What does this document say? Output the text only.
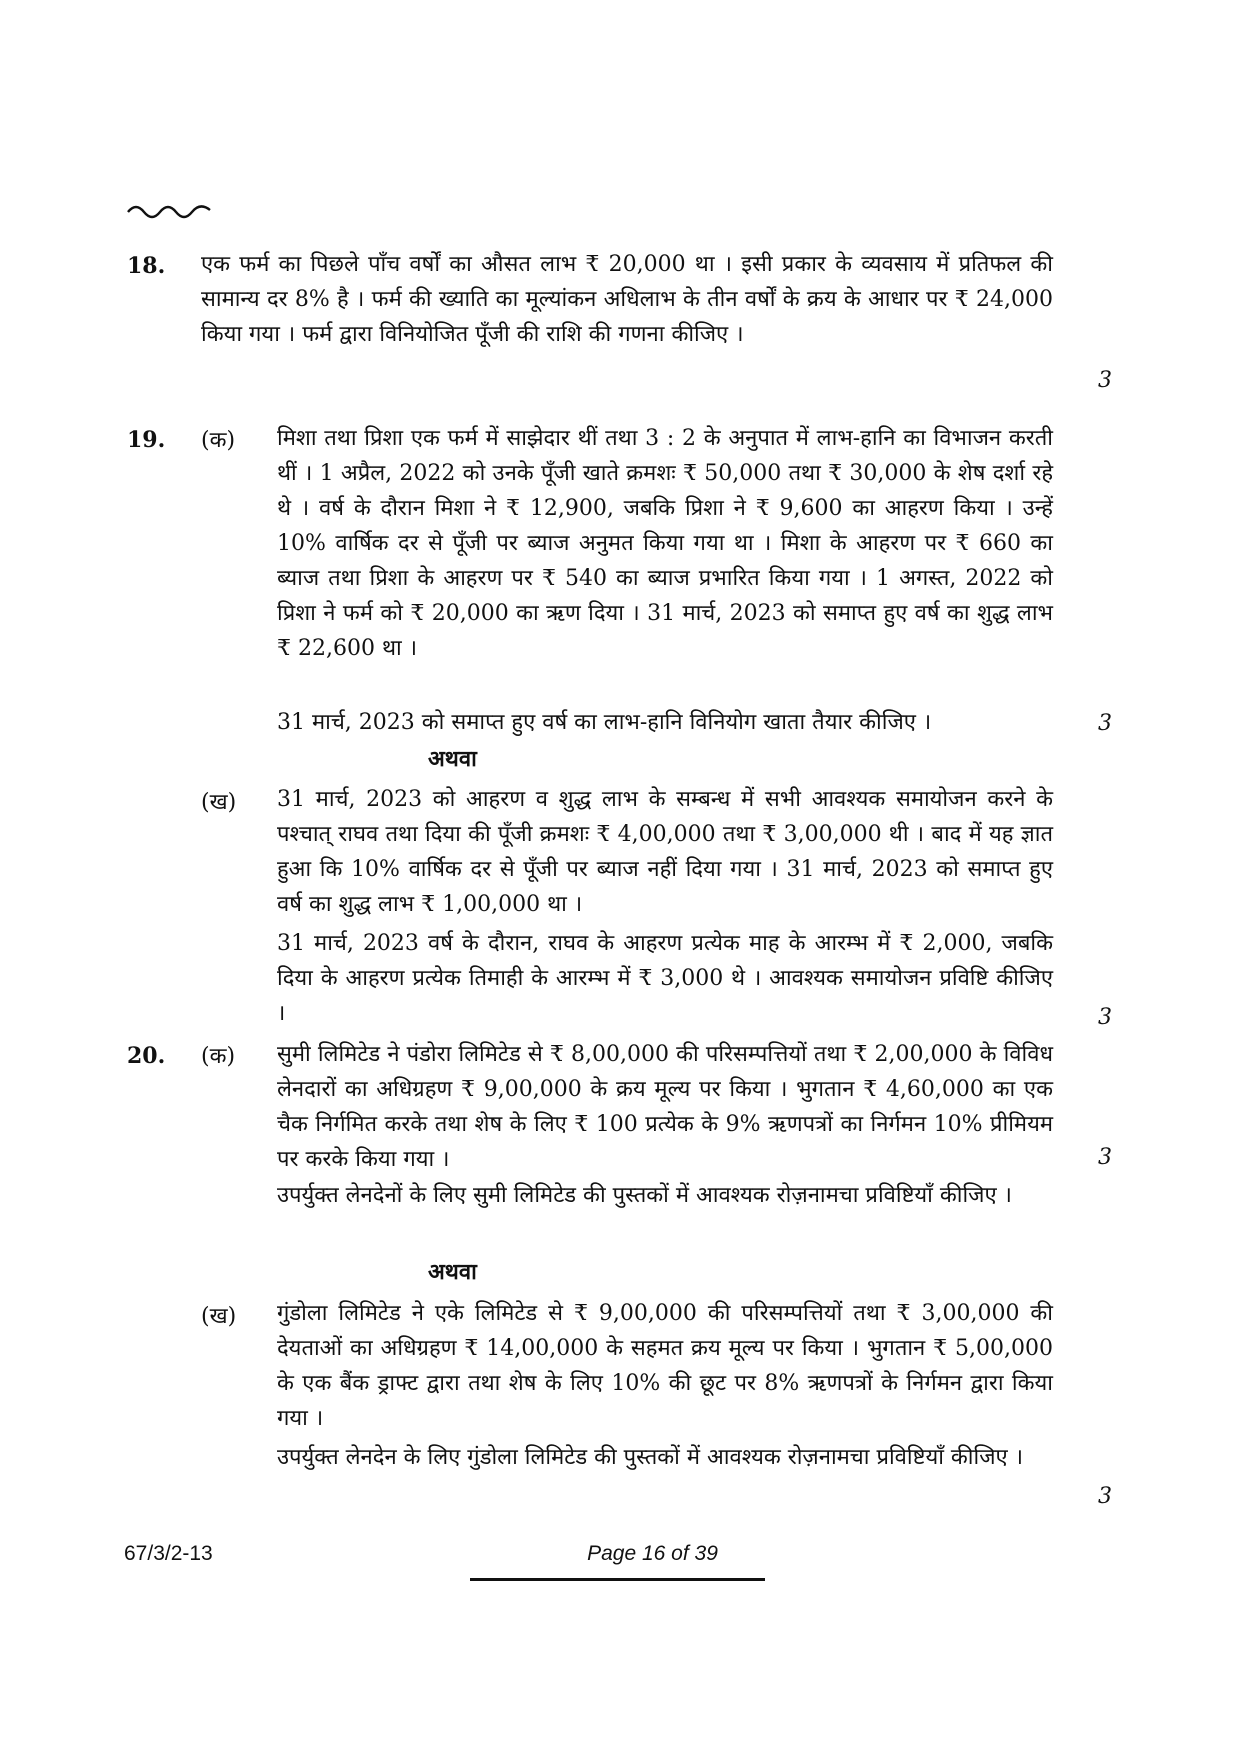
18. एक फर्म का पिछले पाँच वर्षों का औसत लाभ ₹ 20,000 था । इसी प्रकार के व्यवसाय में प्रतिफल की सामान्य दर 8% है । फर्म की ख्याति का मूल्यांकन अधिलाभ के तीन वर्षों के क्रय के आधार पर ₹ 24,000 किया गया । फर्म द्वारा विनियोजित पूँजी की राशि की गणना कीजिए ।
3
19. (क) मिशा तथा प्रिशा एक फर्म में साझेदार थीं तथा 3 : 2 के अनुपात में लाभ-हानि का विभाजन करती थीं । 1 अप्रैल, 2022 को उनके पूँजी खाते क्रमशः ₹ 50,000 तथा ₹ 30,000 के शेष दर्शा रहे थे । वर्ष के दौरान मिशा ने ₹ 12,900, जबकि प्रिशा ने ₹ 9,600 का आहरण किया । उन्हें 10% वार्षिक दर से पूँजी पर ब्याज अनुमत किया गया था । मिशा के आहरण पर ₹ 660 का ब्याज तथा प्रिशा के आहरण पर ₹ 540 का ब्याज प्रभारित किया गया । 1 अगस्त, 2022 को प्रिशा ने फर्म को ₹ 20,000 का ऋण दिया । 31 मार्च, 2023 को समाप्त हुए वर्ष का शुद्ध लाभ ₹ 22,600 था ।
31 मार्च, 2023 को समाप्त हुए वर्ष का लाभ-हानि विनियोग खाता तैयार कीजिए ।	3
अथवा
(ख) 31 मार्च, 2023 को आहरण व शुद्ध लाभ के सम्बन्ध में सभी आवश्यक समायोजन करने के पश्चात् राघव तथा दिया की पूँजी क्रमशः ₹ 4,00,000 तथा ₹ 3,00,000 थी । बाद में यह ज्ञात हुआ कि 10% वार्षिक दर से पूँजी पर ब्याज नहीं दिया गया । 31 मार्च, 2023 को समाप्त हुए वर्ष का शुद्ध लाभ ₹ 1,00,000 था ।
31 मार्च, 2023 वर्ष के दौरान, राघव के आहरण प्रत्येक माह के आरम्भ में ₹ 2,000, जबकि दिया के आहरण प्रत्येक तिमाही के आरम्भ में ₹ 3,000 थे । आवश्यक समायोजन प्रविष्टि कीजिए ।	3
20. (क) सुमी लिमिटेड ने पंडोरा लिमिटेड से ₹ 8,00,000 की परिसम्पत्तियों तथा ₹ 2,00,000 के विविध लेनदारों का अधिग्रहण ₹ 9,00,000 के क्रय मूल्य पर किया । भुगतान ₹ 4,60,000 का एक चैक निर्गमित करके तथा शेष के लिए ₹ 100 प्रत्येक के 9% ऋणपत्रों का निर्गमन 10% प्रीमियम पर करके किया गया ।	3
उपर्युक्त लेनदेनों के लिए सुमी लिमिटेड की पुस्तकों में आवश्यक रोज़नामचा प्रविष्टियाँ कीजिए ।
अथवा
(ख) गुंडोला लिमिटेड ने एके लिमिटेड से ₹ 9,00,000 की परिसम्पत्तियों तथा ₹ 3,00,000 की देयताओं का अधिग्रहण ₹ 14,00,000 के सहमत क्रय मूल्य पर किया । भुगतान ₹ 5,00,000 के एक बैंक ड्राफ्ट द्वारा तथा शेष के लिए 10% की छूट पर 8% ऋणपत्रों के निर्गमन द्वारा किया गया ।
उपर्युक्त लेनदेन के लिए गुंडोला लिमिटेड की पुस्तकों में आवश्यक रोज़नामचा प्रविष्टियाँ कीजिए ।
3
67/3/2-13	Page 16 of 39
